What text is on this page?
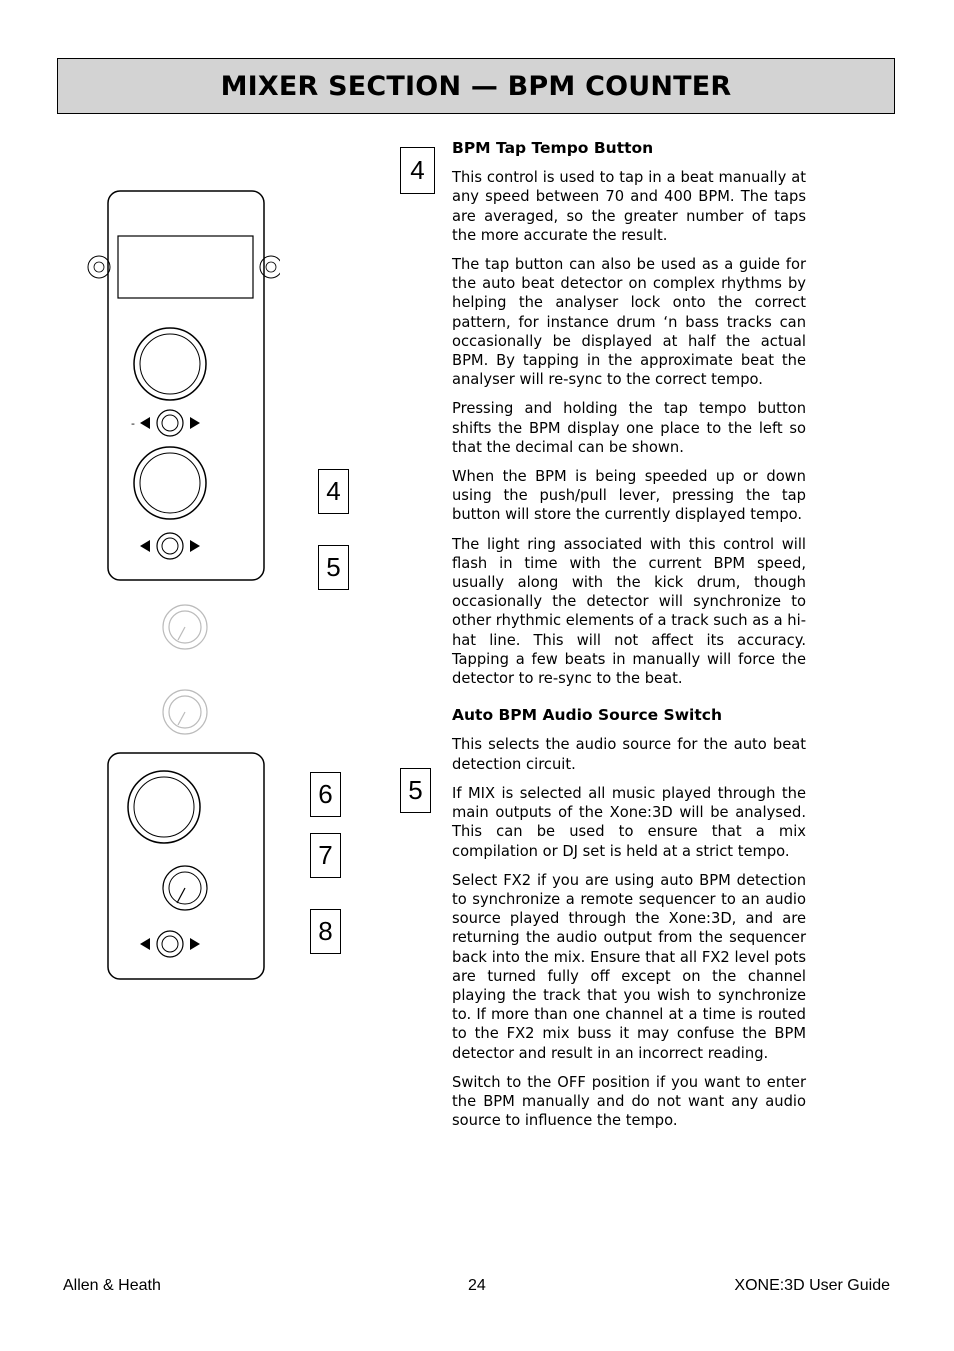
MIXER SECTION — BPM COUNTER
-
4
5
6
7
8
4
5

BPM Tap Tempo Button

This control is used to tap in a beat manually at any speed between 70 and 400 BPM. The taps are averaged, so the greater number of taps the more accurate the result.

The tap button can also be used as a guide for the auto beat detector on complex rhythms by helping the analyser lock onto the correct pattern, for instance drum ‘n bass tracks can occasionally be displayed at half the actual BPM. By tapping in the approximate beat the analyser will re-sync to the correct tempo.

Pressing and holding the tap tempo button shifts the BPM display one place to the left so that the decimal can be shown.

When the BPM is being speeded up or down using the push/pull lever, pressing the tap button will store the currently displayed tempo.

The light ring associated with this control will flash in time with the current BPM speed, usually along with the kick drum, though occasionally the detector will synchronize to other rhythmic elements of a track such as a hi-hat line. This will not affect its accuracy. Tapping a few beats in manually will force the detector to re-sync to the beat.

Auto BPM Audio Source Switch

This selects the audio source for the auto beat detection circuit.

If MIX is selected all music played through the main outputs of the Xone:3D will be analysed. This can be used to ensure that a mix compilation or DJ set is held at a strict tempo.

Select FX2 if you are using auto BPM detection to synchronize a remote sequencer to an audio source played through the Xone:3D, and are returning the audio output from the sequencer back into the mix. Ensure that all FX2 level pots are turned fully off except on the channel playing the track that you wish to synchronize to. If more than one channel at a time is routed to the FX2 mix buss it may confuse the BPM detector and result in an incorrect reading.

Switch to the OFF position if you want to enter the BPM manually and do not want any audio source to influence the tempo.

Allen & Heath	24	XONE:3D User Guide
